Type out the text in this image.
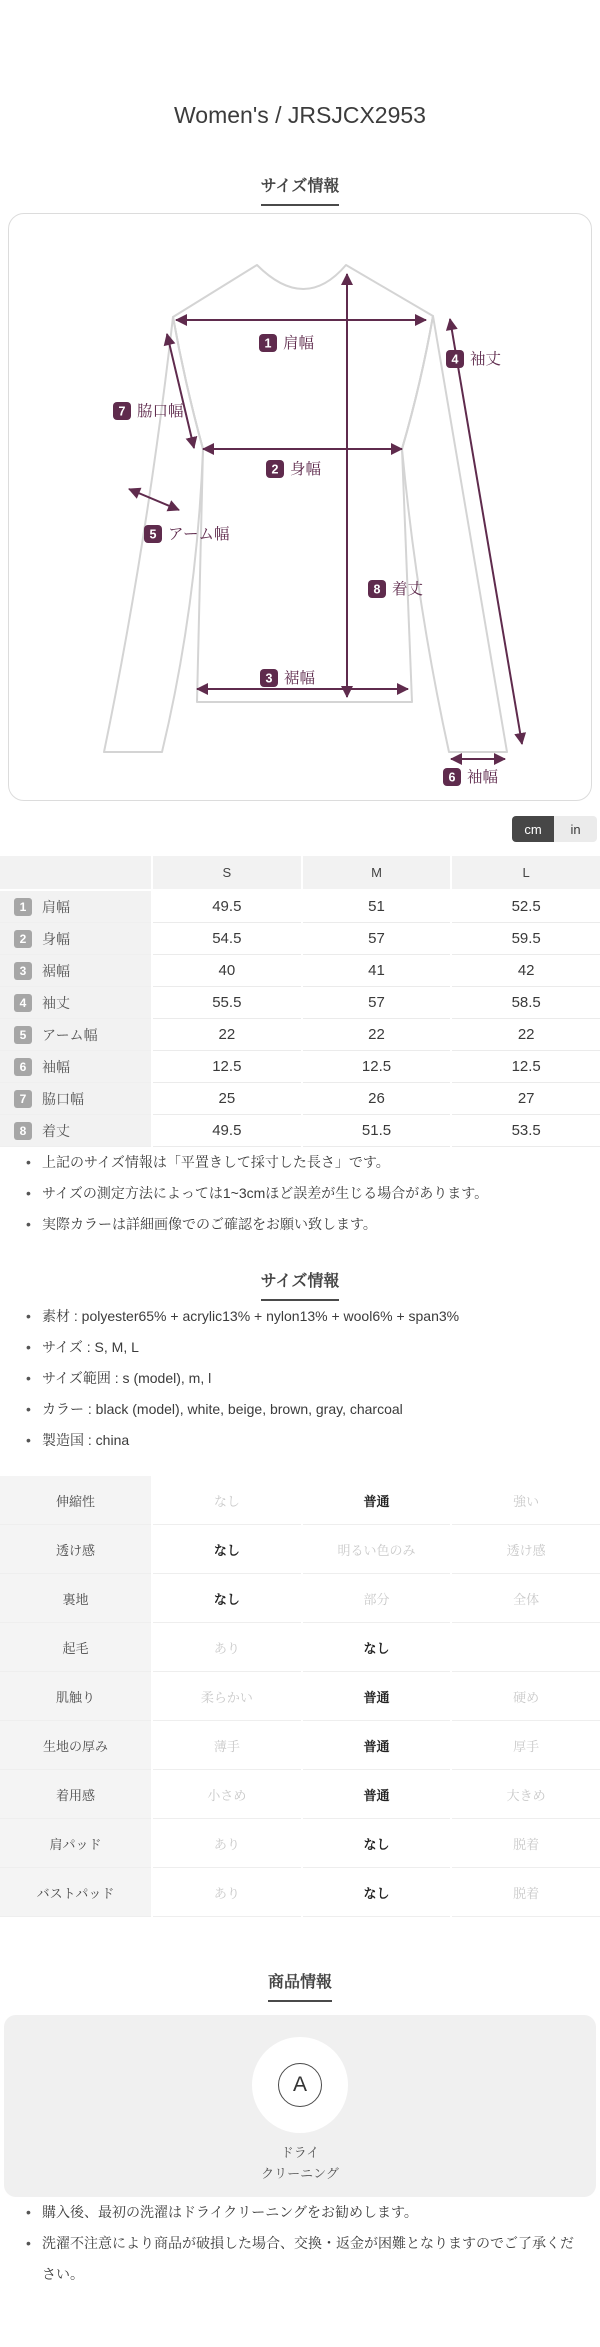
Women's / JRSJCX2953
サイズ情報
1 肩幅
2 身幅
3 裾幅
4 袖丈
5 アーム幅
6 袖幅
7 脇口幅
8 着丈
cm	in
S	M	L
1	肩幅	49.5	51	52.5
2	身幅	54.5	57	59.5
3	裾幅	40	41	42
4	袖丈	55.5	57	58.5
5	アーム幅	22	22	22
6	袖幅	12.5	12.5	12.5
7	脇口幅	25	26	27
8	着丈	49.5	51.5	53.5
• 上記のサイズ情報は「平置きして採寸した長さ」です。
• サイズの測定方法によっては1~3cmほど誤差が生じる場合があります。
• 実際カラーは詳細画像でのご確認をお願い致します。
サイズ情報
• 素材 : polyester65% + acrylic13% + nylon13% + wool6% + span3%
• サイズ : S, M, L
• サイズ範囲 : s (model), m, l
• カラー : black (model), white, beige, brown, gray, charcoal
• 製造国 : china
伸縮性	なし	普通	強い
透け感	なし	明るい色のみ	透け感
裏地	なし	部分	全体
起毛	あり	なし
肌触り	柔らかい	普通	硬め
生地の厚み	薄手	普通	厚手
着用感	小さめ	普通	大きめ
肩パッド	あり	なし	脱着
バストパッド	あり	なし	脱着
商品情報
A
ドライ
クリーニング
• 購入後、最初の洗濯はドライクリーニングをお勧めします。
• 洗濯不注意により商品が破損した場合、交換・返金が困難となりますのでご了承ください。
